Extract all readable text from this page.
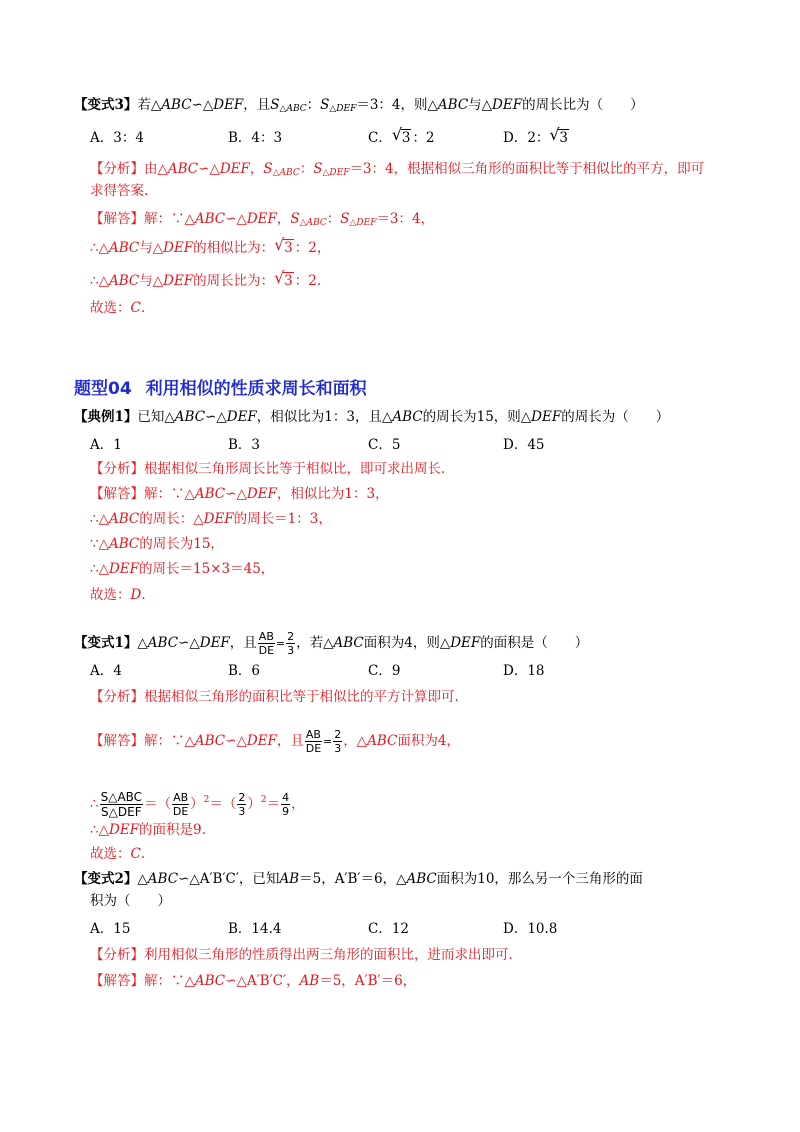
【变式3】若△ABC∽△DEF，且$S_{\triangle ABC}$：$S_{\triangle DEF}=3$：4，则△ABC与△DEF的周长比为（　　）
A．3：4	B．4：3	C． √ 3 ：2	D．2： √ 3
【分析】由△ABC∽△DEF，$S_{\triangle ABC}$：$S_{\triangle DEF}=3$：4，根据相似三角形的面积比等于相似比的平方，即可
求得答案.
【解答】解：∵△ABC∽△DEF，$S_{\triangle ABC}$：$S_{\triangle DEF}=3$：4，
∴△ABC与△DEF的相似比为： √ 3 ：2，
∴△ABC与△DEF的周长比为： √ 3 ：2.
故选：C.
题型04 利用相似的性质求周长和面积
【典例1】已知△ABC∽△DEF，相似比为1：3，且△ABC的周长为15，则△DEF的周长为（　　）
A．1	B．3	C．5	D．45
【分析】根据相似三角形周长比等于相似比，即可求出周长.
【解答】解：∵△ABC∽△DEF，相似比为1：3，
∴△ABC的周长：△DEF的周长＝1：3，
∵△ABC的周长为15，
∴△DEF的周长＝15×3＝45，
故选：D.
【变式1】△ABC∽△DEF，且 $\frac{AB}{DE} = \frac{2}{3}$ ，若△ABC面积为4，则△DEF的面积是（　　）
A．4	B．6	C．9	D．18
【分析】根据相似三角形的面积比等于相似比的平方计算即可.
【解答】解：∵△ABC∽△DEF，且 $\frac{AB}{DE} = \frac{2}{3}$ ，△ABC面积为4，
∴ $\frac{\text{S△ABC}}{\text{S△DEF}}$ ＝（ $\frac{AB}{DE} )^2=( \frac{2}{3} )^2= \frac{4}{9}$ ，
∴△DEF的面积是9.
故选：C.
【变式2】△ABC∽△A′B′C′，已知AB＝5，A′B′＝6，△ABC面积为10，那么另一个三角形的面
积为（　　）
A．15	B．14.4	C．12	D．10.8
【分析】利用相似三角形的性质得出两三角形的面积比，进而求出即可.
【解答】解：∵△ABC∽△A′B′C′，AB＝5，A′B′＝6，
